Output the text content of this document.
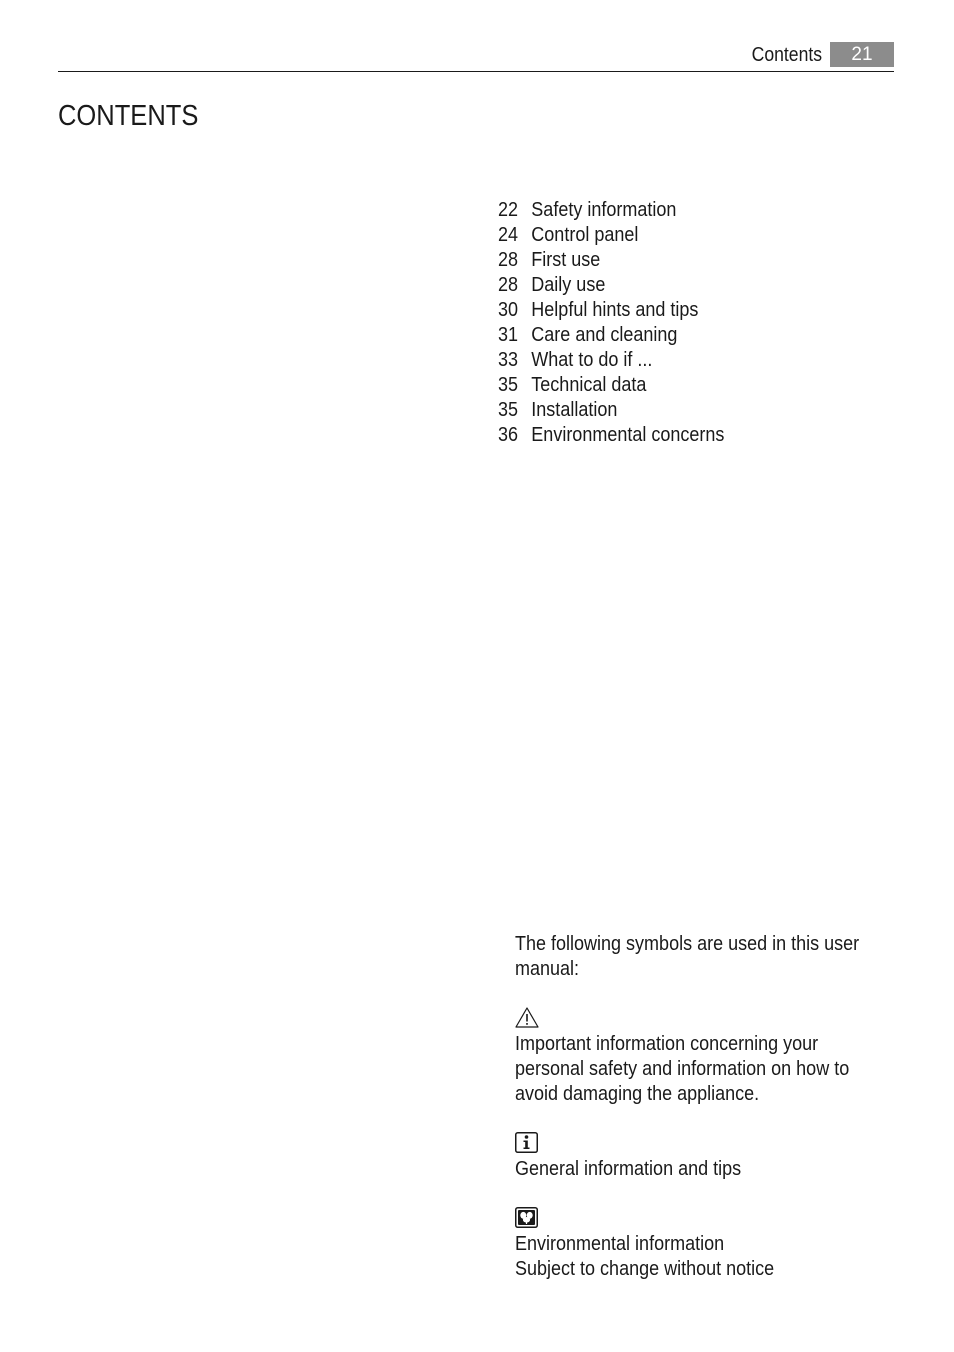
Contents	21
CONTENTS
22 Safety information
24 Control panel
28 First use
28 Daily use
30 Helpful hints and tips
31 Care and cleaning
33 What to do if ...
35 Technical data
35 Installation
36 Environmental concerns

The following symbols are used in this user manual:

Important information concerning your personal safety and information on how to avoid damaging the appliance.

General information and tips

Environmental information

Subject to change without notice
